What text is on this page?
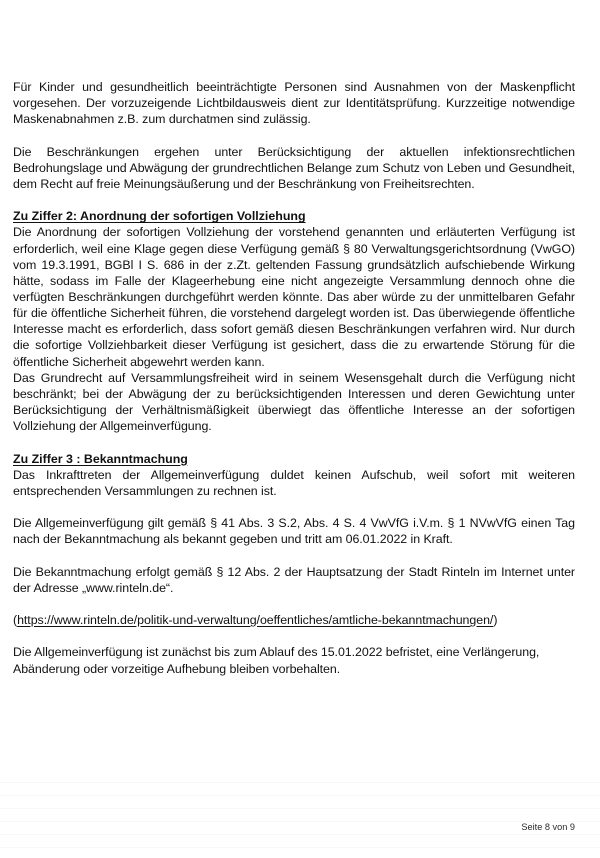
Für Kinder und gesundheitlich beeinträchtigte Personen sind Ausnahmen von der Maskenpflicht vorgesehen. Der vorzuzeigende Lichtbildausweis dient zur Identitätsprüfung. Kurzzeitige notwendige Maskenabnahmen z.B. zum durchatmen sind zulässig.

Die Beschränkungen ergehen unter Berücksichtigung der aktuellen infektionsrechtlichen Bedrohungslage und Abwägung der grundrechtlichen Belange zum Schutz von Leben und Gesundheit, dem Recht auf freie Meinungsäußerung und der Beschränkung von Freiheitsrechten.

Zu Ziffer 2: Anordnung der sofortigen Vollziehung

Die Anordnung der sofortigen Vollziehung der vorstehend genannten und erläuterten Verfügung ist erforderlich, weil eine Klage gegen diese Verfügung gemäß § 80 Verwaltungsgerichtsordnung (VwGO) vom 19.3.1991, BGBl I S. 686 in der z.Zt. geltenden Fassung grundsätzlich aufschiebende Wirkung hätte, sodass im Falle der Klageerhebung eine nicht angezeigte Versammlung dennoch ohne die verfügten Beschränkungen durchgeführt werden könnte. Das aber würde zu der unmittelbaren Gefahr für die öffentliche Sicherheit führen, die vorstehend dargelegt worden ist. Das überwiegende öffentliche Interesse macht es erforderlich, dass sofort gemäß diesen Beschränkungen verfahren wird. Nur durch die sofortige Vollziehbarkeit dieser Verfügung ist gesichert, dass die zu erwartende Störung für die öffentliche Sicherheit abgewehrt werden kann.

Das Grundrecht auf Versammlungsfreiheit wird in seinem Wesensgehalt durch die Verfügung nicht beschränkt; bei der Abwägung der zu berücksichtigenden Interessen und deren Gewichtung unter Berücksichtigung der Verhältnismäßigkeit überwiegt das öffentliche Interesse an der sofortigen Vollziehung der Allgemeinverfügung.

Zu Ziffer 3 : Bekanntmachung

Das Inkrafttreten der Allgemeinverfügung duldet keinen Aufschub, weil sofort mit weiteren entsprechenden Versammlungen zu rechnen ist.

Die Allgemeinverfügung gilt gemäß § 41 Abs. 3 S.2, Abs. 4 S. 4 VwVfG i.V.m. § 1 NVwVfG einen Tag nach der Bekanntmachung als bekannt gegeben und tritt am 06.01.2022 in Kraft.

Die Bekanntmachung erfolgt gemäß § 12 Abs. 2 der Hauptsatzung der Stadt Rinteln im Internet unter der Adresse „www.rinteln.de“.

(https://www.rinteln.de/politik-und-verwaltung/oeffentliches/amtliche-bekanntmachungen/)

Die Allgemeinverfügung ist zunächst bis zum Ablauf des 15.01.2022 befristet, eine Verlängerung, Abänderung oder vorzeitige Aufhebung bleiben vorbehalten.

Seite 8 von 9
